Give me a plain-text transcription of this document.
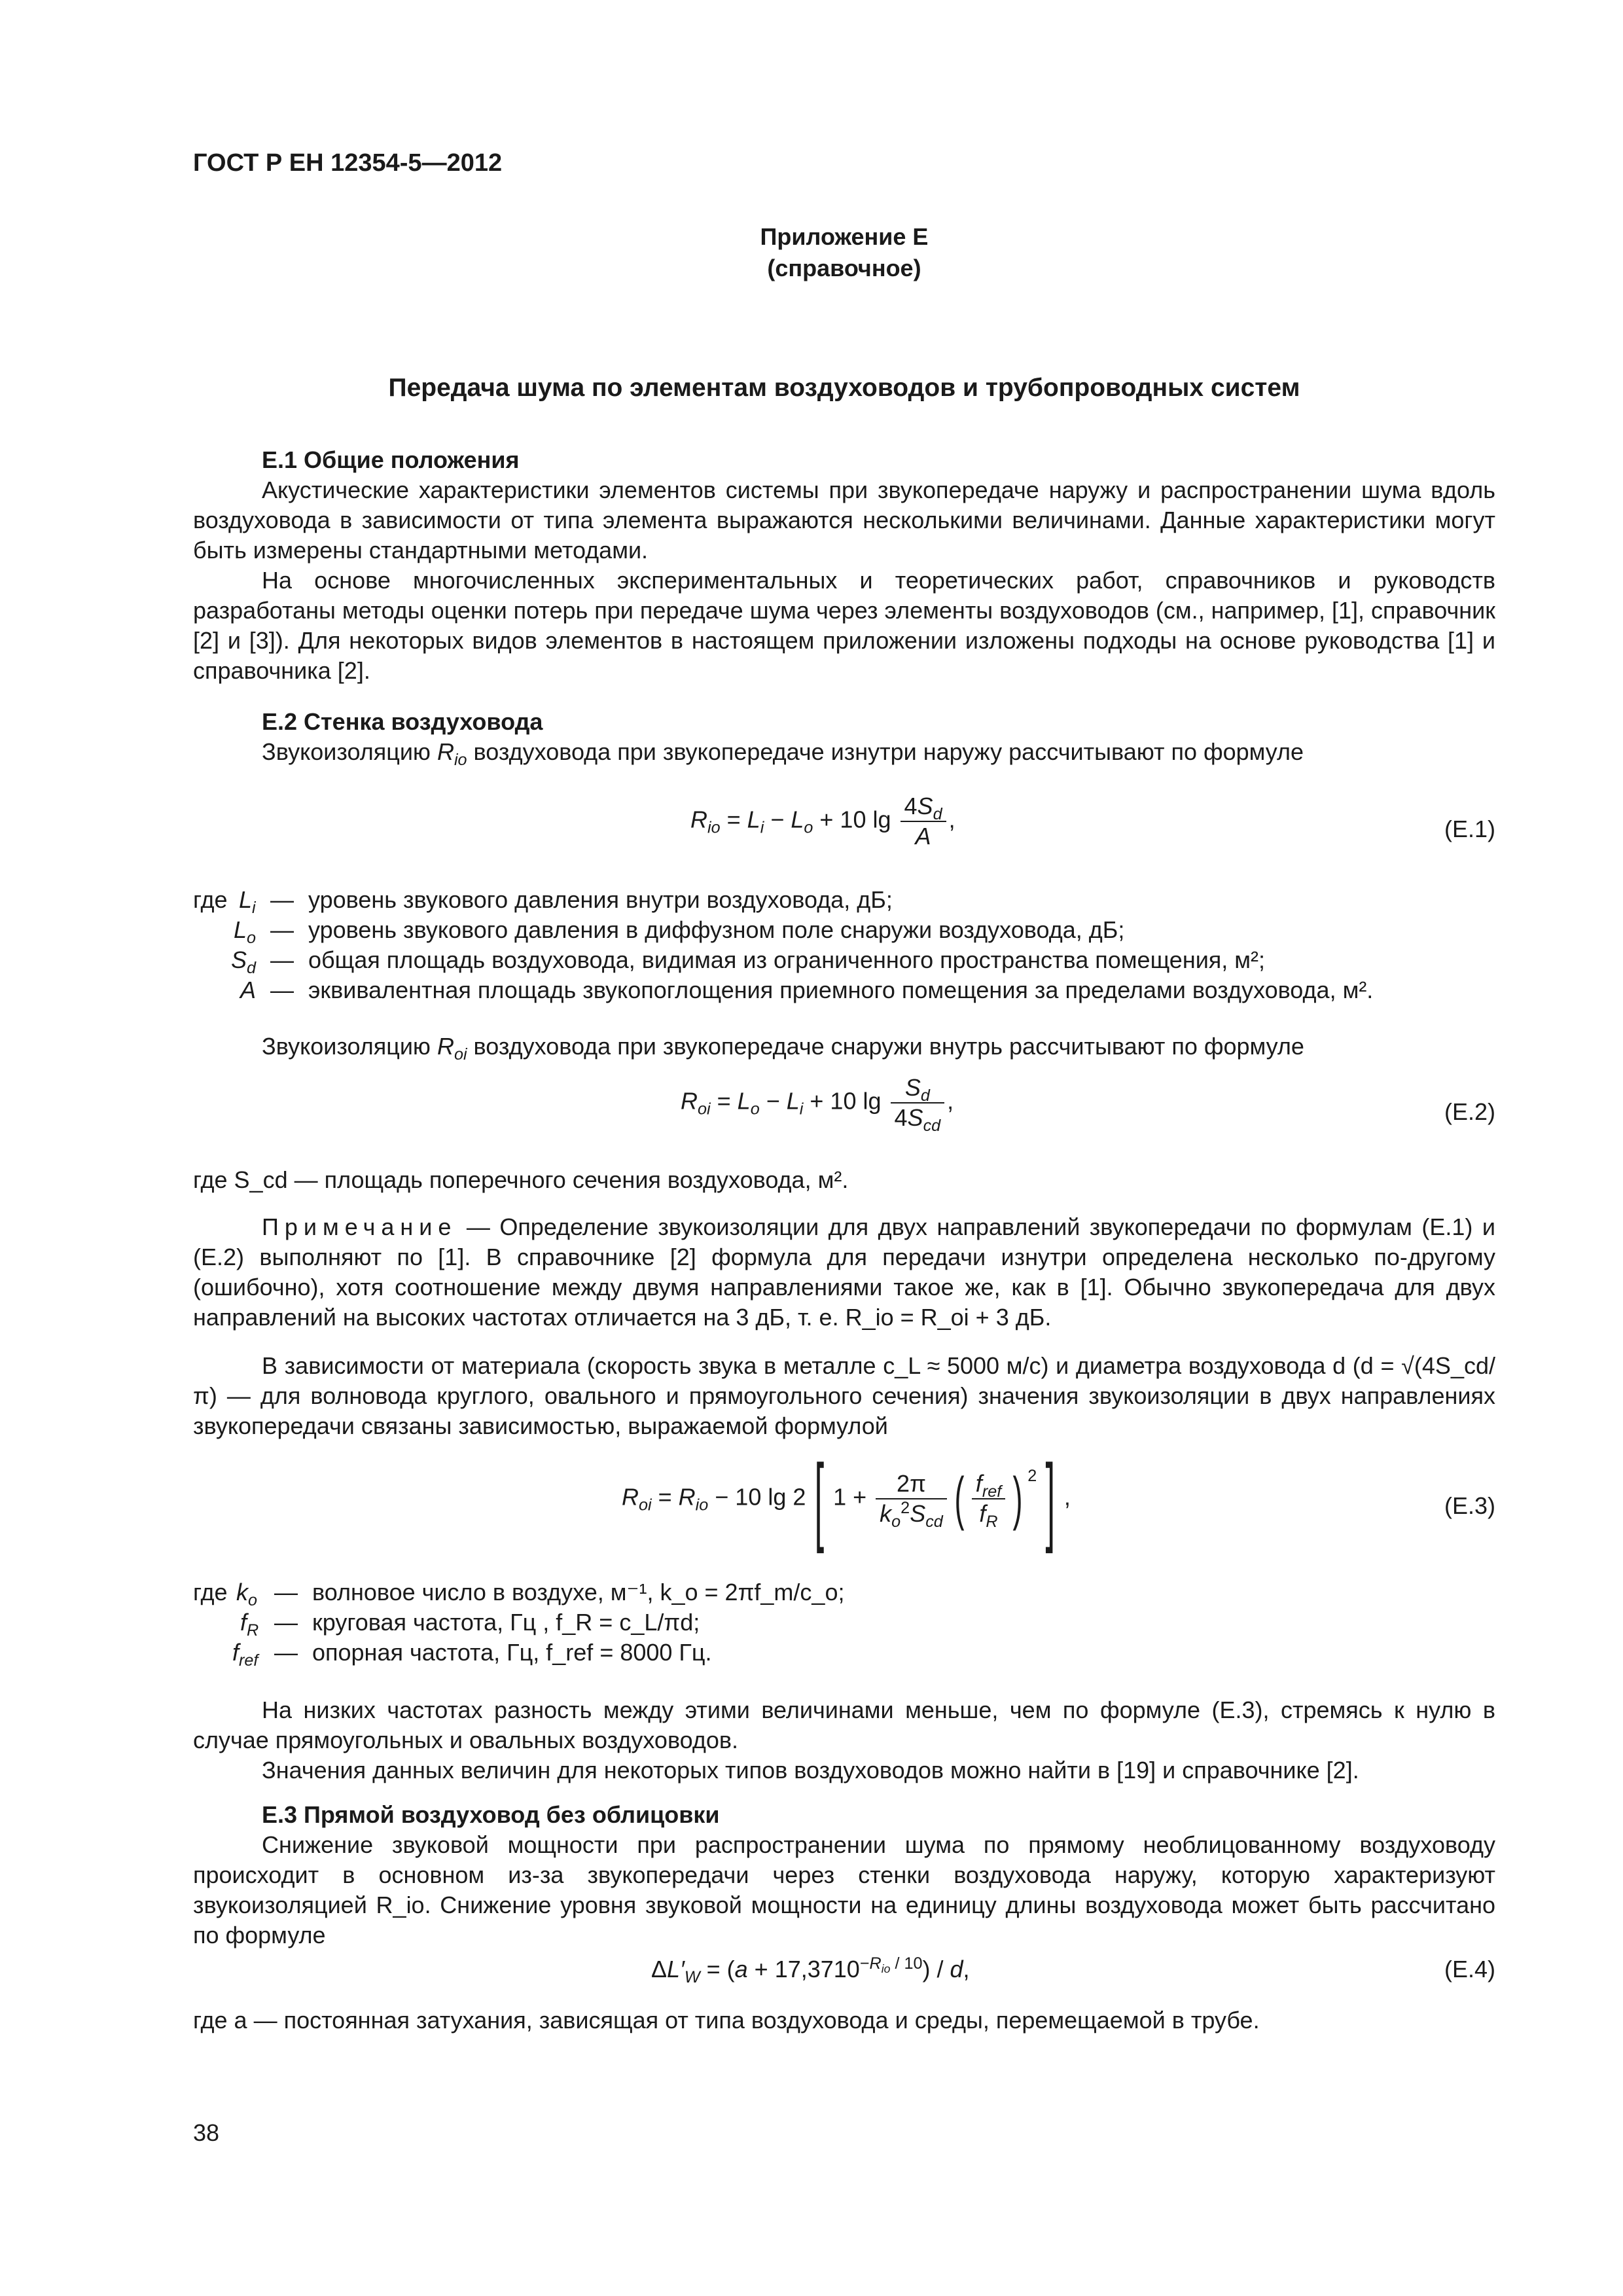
ГОСТ Р ЕН 12354-5—2012
Приложение Е
(справочное)
Передача шума по элементам воздуховодов и трубопроводных систем
Е.1 Общие положения

Акустические характеристики элементов системы при звукопередаче наружу и распространении шума вдоль воздуховода в зависимости от типа элемента выражаются несколькими величинами. Данные характеристики могут быть измерены стандартными методами.

На основе многочисленных экспериментальных и теоретических работ, справочников и руководств разработаны методы оценки потерь при передаче шума через элементы воздуховодов (см., например, [1], справочник [2] и [3]). Для некоторых видов элементов в настоящем приложении изложены подходы на основе руководства [1] и справочника [2].

Е.2 Стенка воздуховода

Звукоизоляцию $R_{io}$ воздуховода при звукопередаче изнутри наружу рассчитывают по формуле

$R_{io} = L_i - L_o + 10$ $\lg \frac{4S_d}{A}$ ,	(Е.1)
где $L_i$ — уровень звукового давления внутри воздуховода, дБ;
$L_o$ — уровень звукового давления в диффузном поле снаружи воздуховода, дБ;
$S_d$ — общая площадь воздуховода, видимая из ограниченного пространства помещения, м²;
A — эквивалентная площадь звукопоглощения приемного помещения за пределами воздуховода, м².

Звукоизоляцию $R_{oi}$ воздуховода при звукопередаче снаружи внутрь рассчитывают по формуле

$R_{oi} = L_o - L_i + 10$ $\lg \frac{S_d}{4S_{cd}}$ ,	(Е.2)

где S_cd — площадь поперечного сечения воздуховода, м².

Примечание — Определение звукоизоляции для двух направлений звукопередачи по формулам (Е.1) и (Е.2) выполняют по [1]. В справочнике [2] формула для передачи изнутри определена несколько по-другому (ошибочно), хотя соотношение между двумя направлениями такое же, как в [1]. Обычно звукопередача для двух направлений на высоких частотах отличается на 3 дБ, т. е. R_io = R_oi + 3 дБ.

В зависимости от материала (скорость звука в металле c_L ≈ 5000 м/с) и диаметра воздуховода d (d = √(4S_cd/π) — для волновода круглого, овального и прямоугольного сечения) значения звукоизоляции в двух направлениях звукопередачи связаны зависимостью, выражаемой формулой

$R_{oi} = R_{io} - 10$ lg 2[ $1 + \frac{2\pi}{k_o^2S_{cd}}$ ( $\frac{f_{ref}}{f_R}$ ) $^2$] ,	(Е.3)
где $k_o$ — волновое число в воздухе, м⁻¹, k_o = 2πf_m/c_o;
$f_R$ — круговая частота, Гц , f_R = c_L/πd;
$f_{ref}$ — опорная частота, Гц, f_ref = 8000 Гц.

На низких частотах разность между этими величинами меньше, чем по формуле (Е.3), стремясь к нулю в случае прямоугольных и овальных воздуховодов.

Значения данных величин для некоторых типов воздуховодов можно найти в [19] и справочнике [2].

Е.3 Прямой воздуховод без облицовки

Снижение звуковой мощности при распространении шума по прямому необлицованному воздуховоду происходит в основном из-за звукопередачи через стенки воздуховода наружу, которую характеризуют звукоизоляцией R_io. Снижение уровня звуковой мощности на единицу длины воздуховода может быть рассчитано по формуле

$\Delta L'_W = (a + 17,3710^{-R_{io} / 10}) / d$,	(Е.4)

где a — постоянная затухания, зависящая от типа воздуховода и среды, перемещаемой в трубе.

38
